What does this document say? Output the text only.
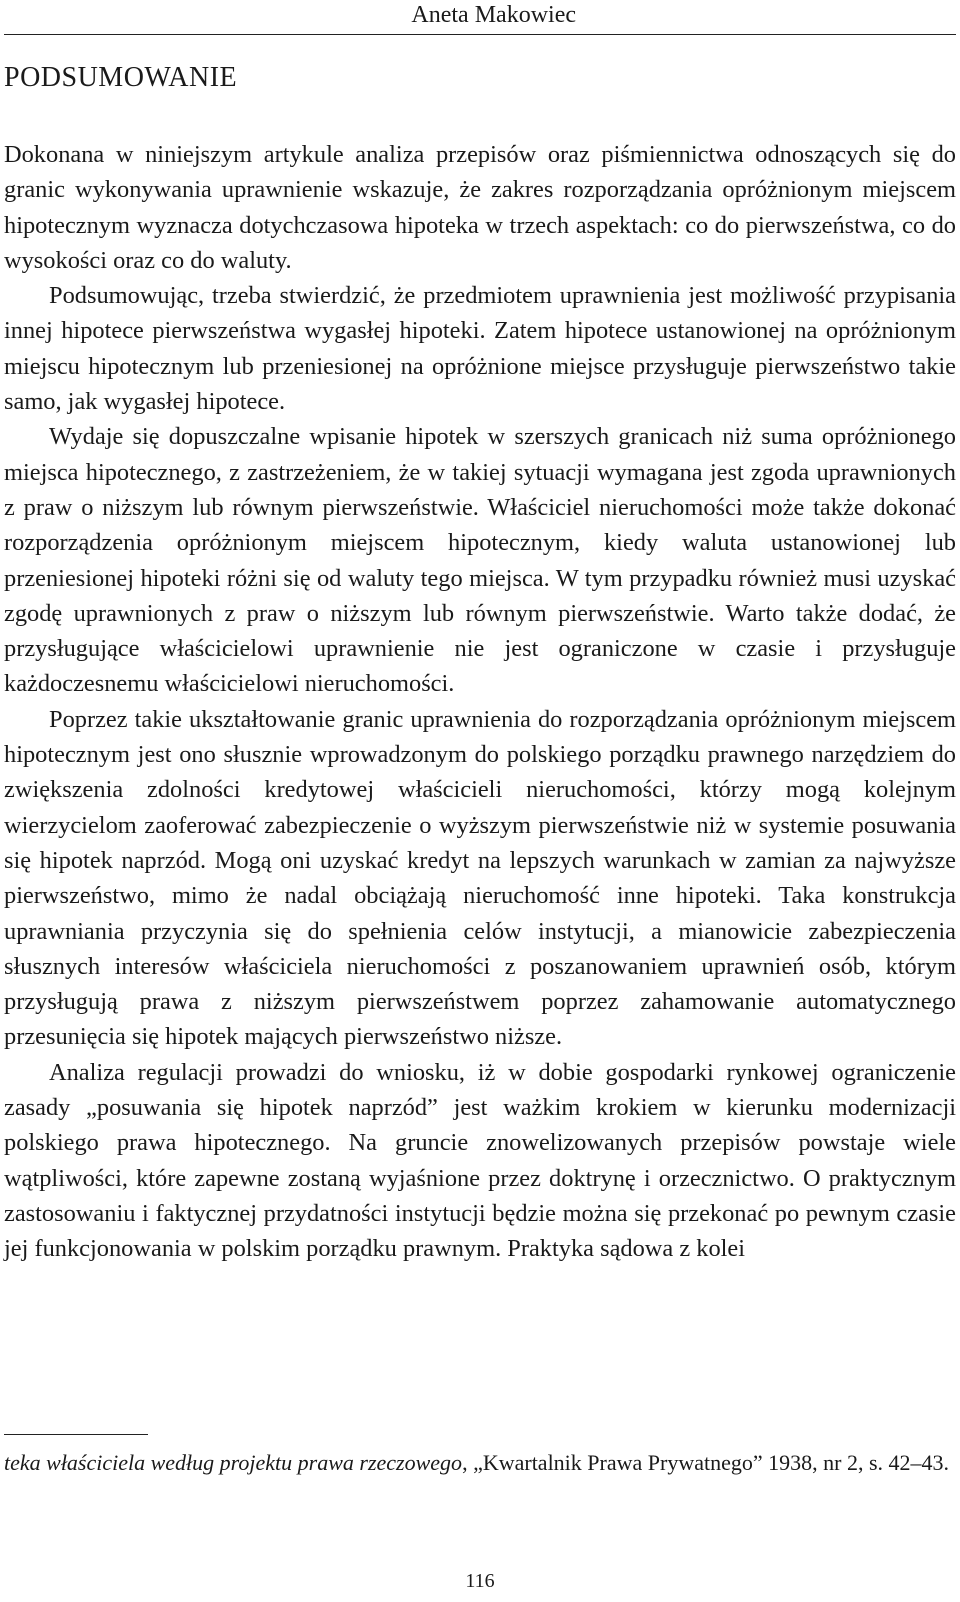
Aneta Makowiec
PODSUMOWANIE

Dokonana w niniejszym artykule analiza przepisów oraz piśmiennictwa odnoszących się do granic wykonywania uprawnienie wskazuje, że zakres rozporządzania opróżnionym miejscem hipotecznym wyznacza dotychczasowa hipoteka w trzech aspektach: co do pierwszeństwa, co do wysokości oraz co do waluty.

Podsumowując, trzeba stwierdzić, że przedmiotem uprawnienia jest możliwość przypisania innej hipotece pierwszeństwa wygasłej hipoteki. Zatem hipotece ustanowionej na opróżnionym miejscu hipotecznym lub przeniesionej na opróżnione miejsce przysługuje pierwszeństwo takie samo, jak wygasłej hipotece.

Wydaje się dopuszczalne wpisanie hipotek w szerszych granicach niż suma opróżnionego miejsca hipotecznego, z zastrzeżeniem, że w takiej sytuacji wymagana jest zgoda uprawnionych z praw o niższym lub równym pierwszeństwie. Właściciel nieruchomości może także dokonać rozporządzenia opróżnionym miejscem hipotecznym, kiedy waluta ustanowionej lub przeniesionej hipoteki różni się od waluty tego miejsca. W tym przypadku również musi uzyskać zgodę uprawnionych z praw o niższym lub równym pierwszeństwie. Warto także dodać, że przysługujące właścicielowi uprawnienie nie jest ograniczone w czasie i przysługuje każdoczesnemu właścicielowi nieruchomości.

Poprzez takie ukształtowanie granic uprawnienia do rozporządzania opróżnionym miejscem hipotecznym jest ono słusznie wprowadzonym do polskiego porządku prawnego narzędziem do zwiększenia zdolności kredytowej właścicieli nieruchomości, którzy mogą kolejnym wierzycielom zaoferować zabezpieczenie o wyższym pierwszeństwie niż w systemie posuwania się hipotek naprzód. Mogą oni uzyskać kredyt na lepszych warunkach w zamian za najwyższe pierwszeństwo, mimo że nadal obciążają nieruchomość inne hipoteki. Taka konstrukcja uprawniania przyczynia się do spełnienia celów instytucji, a mianowicie zabezpieczenia słusznych interesów właściciela nieruchomości z poszanowaniem uprawnień osób, którym przysługują prawa z niższym pierwszeństwem poprzez zahamowanie automatycznego przesunięcia się hipotek mających pierwszeństwo niższe.

Analiza regulacji prowadzi do wniosku, iż w dobie gospodarki rynkowej ograniczenie zasady „posuwania się hipotek naprzód” jest ważkim krokiem w kierunku modernizacji polskiego prawa hipotecznego. Na gruncie znowelizowanych przepisów powstaje wiele wątpliwości, które zapewne zostaną wyjaśnione przez doktrynę i orzecznictwo. O praktycznym zastosowaniu i faktycznej przydatności instytucji będzie można się przekonać po pewnym czasie jej funkcjonowania w polskim porządku prawnym. Praktyka sądowa z kolei

teka właściciela według projektu prawa rzeczowego, „Kwartalnik Prawa Prywatnego” 1938, nr 2, s. 42–43.
116
